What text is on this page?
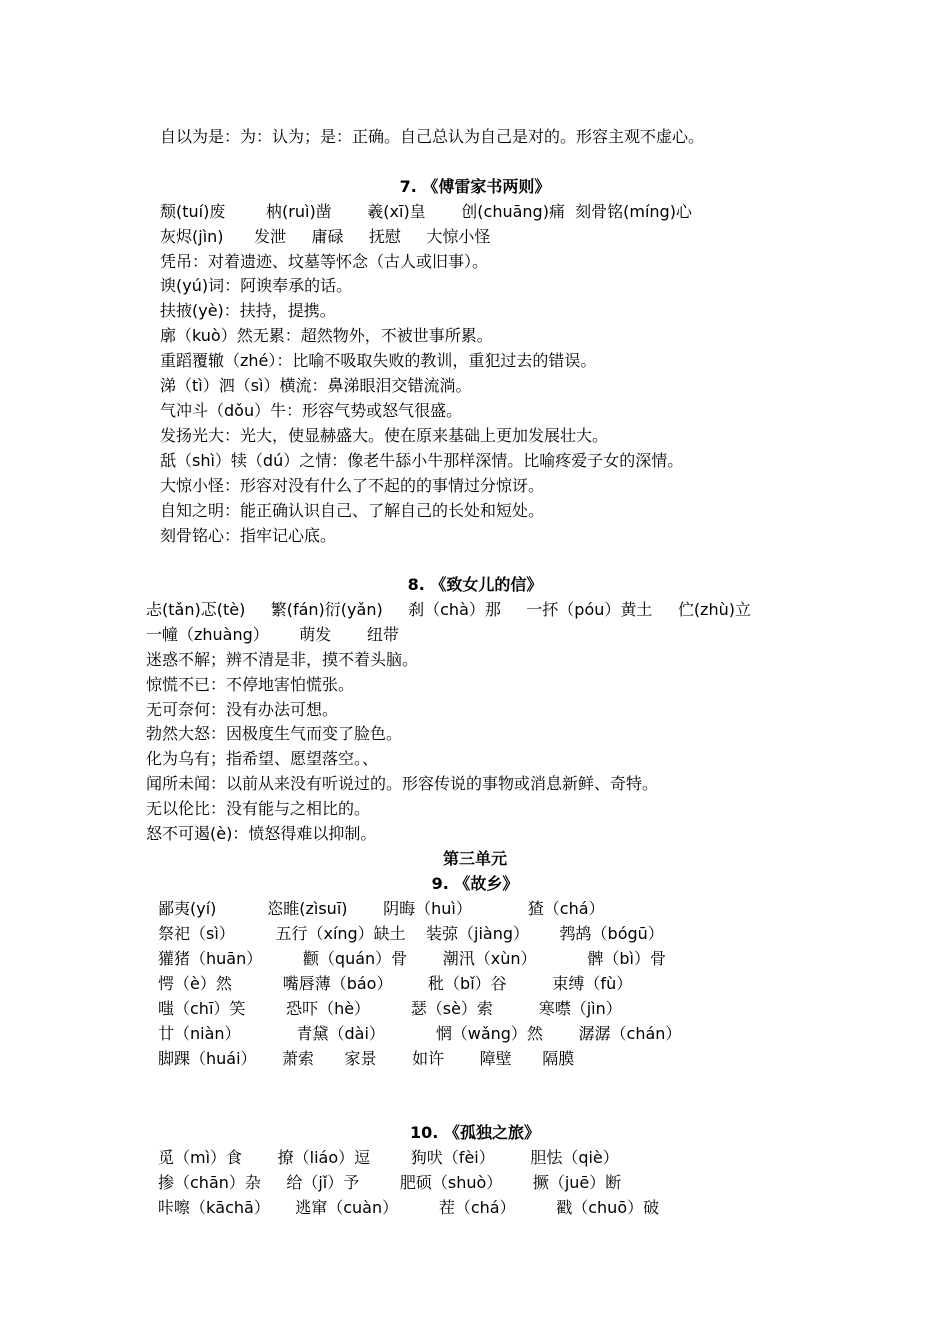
自以为是：为：认为；是：正确。自己总认为自己是对的。形容主观不虚心。
7. 《傅雷家书两则》
颓(tuí)废        枘(ruì)凿       羲(xī)皇       创(chuāng)痛  刻骨铭(míng)心
灰烬(jìn)      发泄     庸碌     抚慰     大惊小怪
凭吊：对着遗迹、坟墓等怀念（古人或旧事）。
谀(yú)词：阿谀奉承的话。
扶掖(yè)：扶持，提携。
廓（kuò）然无累：超然物外，不被世事所累。
重蹈覆辙（zhé）：比喻不吸取失败的教训，重犯过去的错误。
涕（tì）泗（sì）横流：鼻涕眼泪交错流淌。
气冲斗（dǒu）牛：形容气势或怒气很盛。
发扬光大：光大，使显赫盛大。使在原来基础上更加发展壮大。
舐（shì）犊（dú）之情：像老牛舔小牛那样深情。比喻疼爱子女的深情。
大惊小怪：形容对没有什么了不起的的事情过分惊讶。
自知之明：能正确认识自己、了解自己的长处和短处。
刻骨铭心：指牢记心底。
8. 《致女儿的信》
忐(tǎn)忑(tè)     繁(fán)衍(yǎn)     刹（chà）那     一抔（póu）黄土     伫(zhù)立
一幢（zhuàng）      萌发       纽带
迷惑不解；辨不清是非，摸不着头脑。
惊慌不已：不停地害怕慌张。
无可奈何：没有办法可想。
勃然大怒：因极度生气而变了脸色。
化为乌有；指希望、愿望落空。、
闻所未闻：以前从来没有听说过的。形容传说的事物或消息新鲜、奇特。
无以伦比：没有能与之相比的。
怒不可遏(è)：愤怒得难以抑制。
第三单元
9. 《故乡》
鄙夷(yí)          恣睢(zìsuī)       阴晦（huì）           猹（chá）
祭祀（sì）        五行（xíng）缺土    装弶（jiàng）      鹁鸪（bógū）
獾猪（huān）        颧（quán）骨       潮汛（xùn）          髀（bì）骨
愕（è）然          嘴唇薄（báo）       秕（bǐ）谷         束缚（fù）
嗤（chī）笑        恐吓（hè）        瑟（sè）索         寒噤（jìn）
廿（niàn）           青黛（dài）          惘（wǎng）然       潺潺（chán）
脚踝（huái）     萧索      家景       如许       障壁      隔膜
10. 《孤独之旅》
觅（mì）食       撩（liáo）逗        狗吠（fèi）       胆怯（qiè）
掺（chān）杂     给（jǐ）予        肥硕（shuò）      撅（juē）断
咔嚓（kāchā）     逃窜（cuàn）        茬（chá）        戳（chuō）破
